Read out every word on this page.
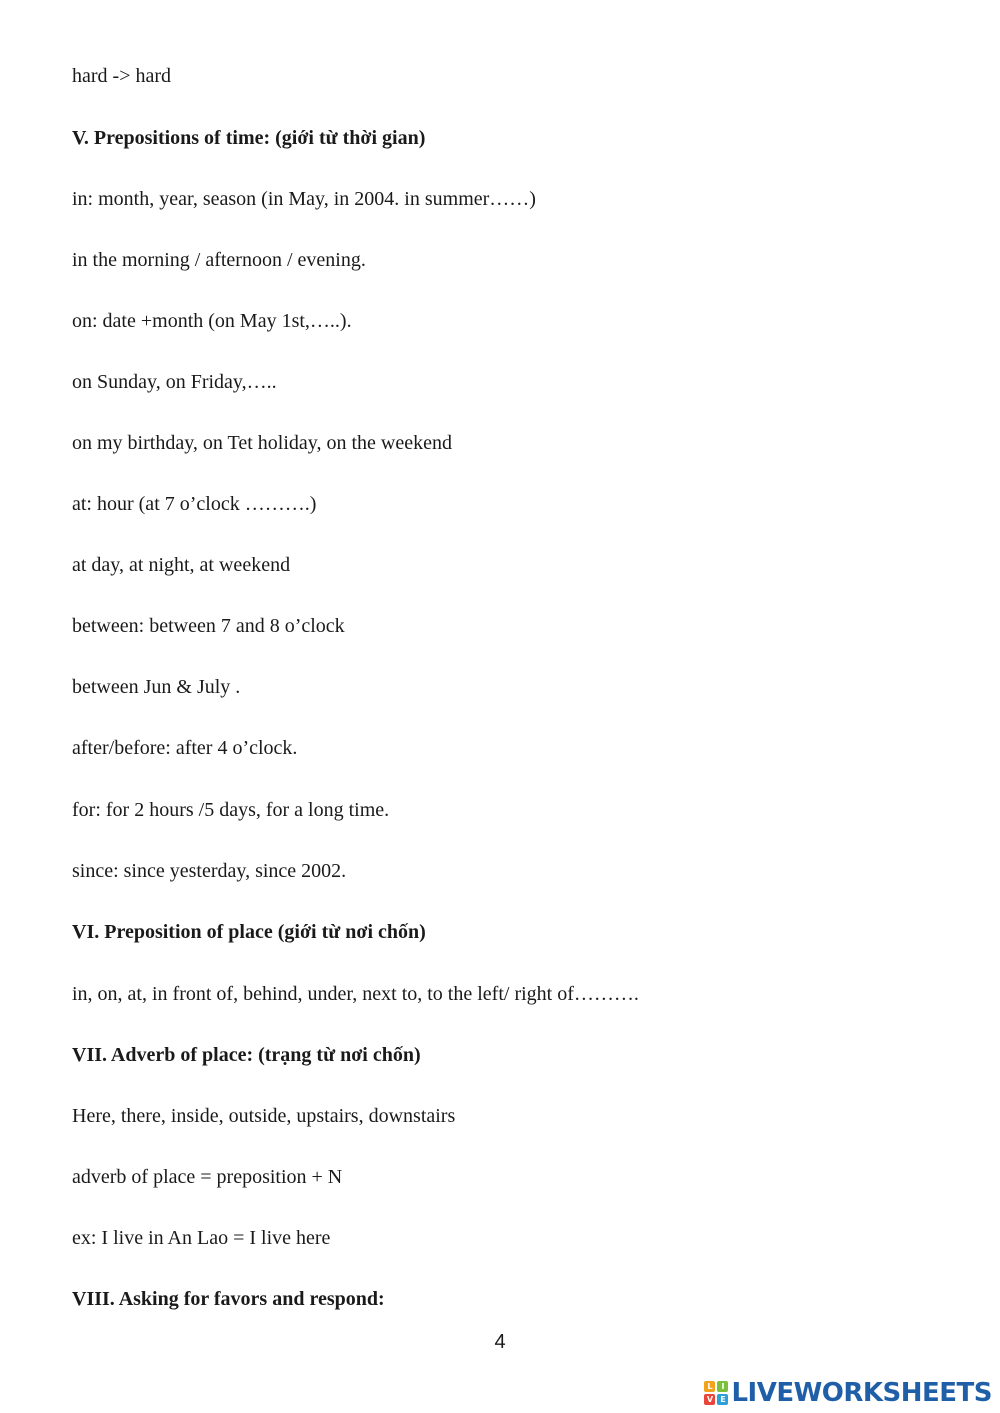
hard -> hard
V. Prepositions of time: (giới từ thời gian)
in: month, year, season (in May, in 2004. in summer……)
in the morning / afternoon / evening.
on: date +month (on May 1st,…..).
on Sunday, on Friday,…..
on my birthday, on Tet holiday, on the weekend
at: hour (at 7 o’clock ……….)
at day, at night, at weekend
between: between 7 and 8 o’clock
between Jun & July .
after/before: after 4 o’clock.
for: for 2 hours /5 days, for a long time.
since: since yesterday, since 2002.
VI. Preposition of place (giới từ nơi chốn)
in, on, at, in front of, behind, under, next to, to the left/ right of……….
VII. Adverb of place: (trạng từ nơi chốn)
Here, there, inside, outside, upstairs, downstairs
adverb of place = preposition + N
ex: I live in An Lao = I live here
VIII. Asking for favors and respond:
4
L	I
V E LIVEWORKSHEETS
